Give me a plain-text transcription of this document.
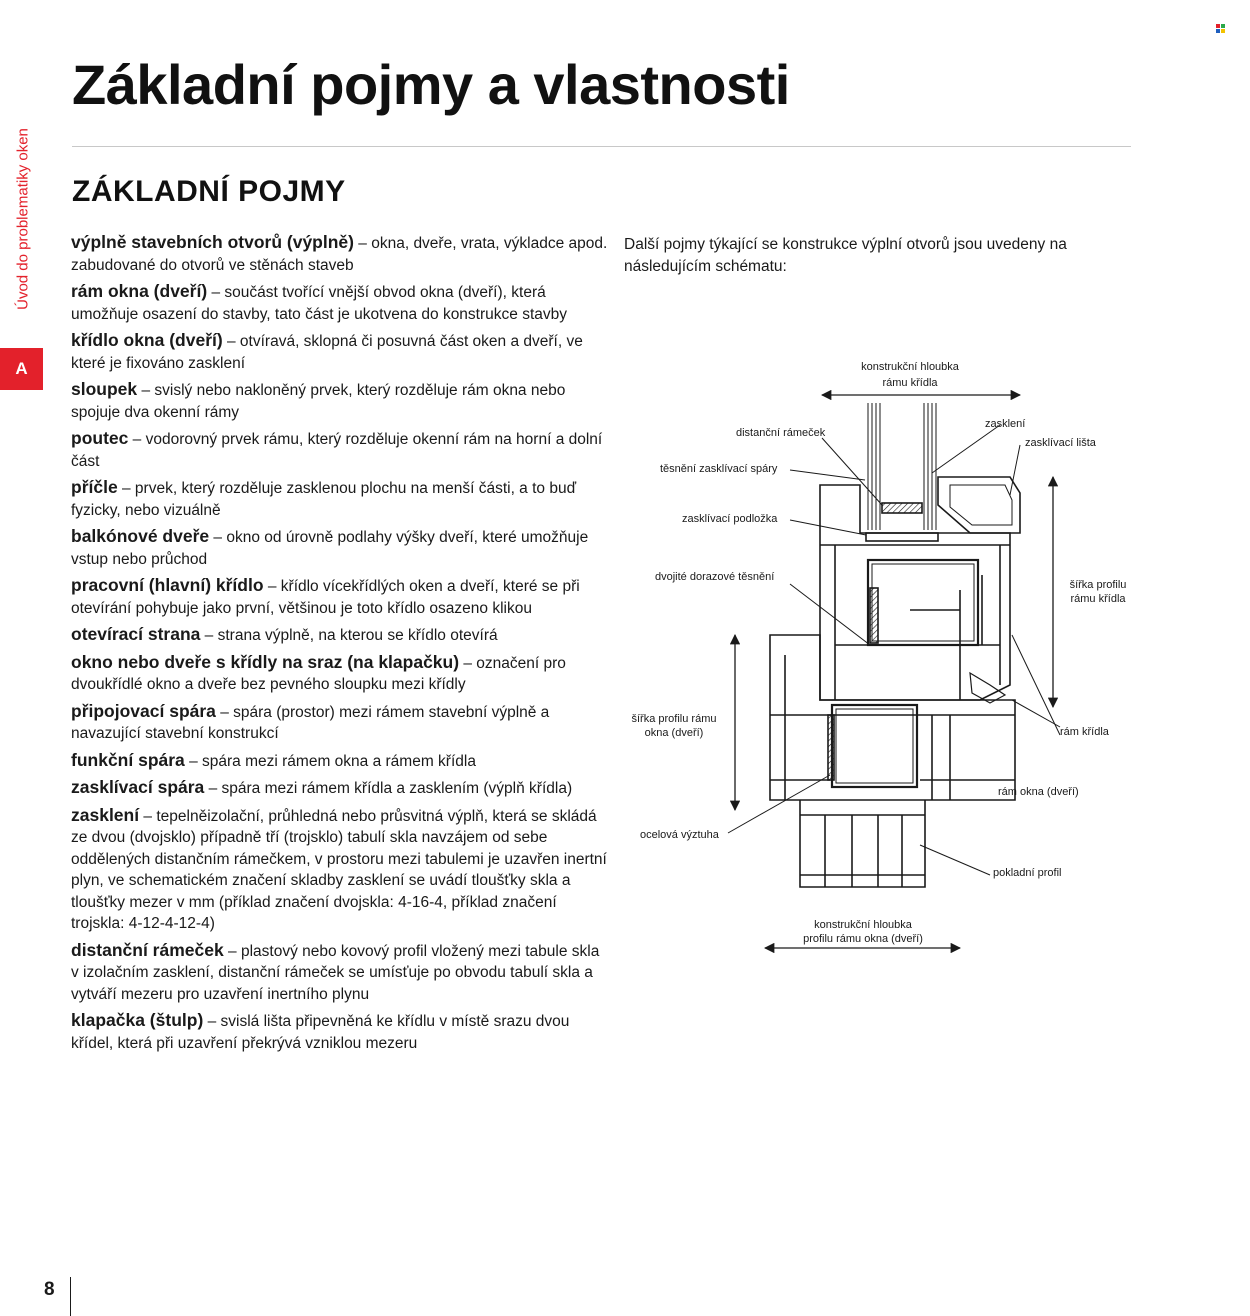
Úvod do problematiky oken
A
Základní pojmy a vlastnosti
ZÁKLADNÍ POJMY

výplně stavebních otvorů (výplně) – okna, dveře, vrata, výkladce apod. zabudované do otvorů ve stěnách staveb

rám okna (dveří) – součást tvořící vnější obvod okna (dveří), která umožňuje osazení do stavby, tato část je ukotvena do konstrukce stavby

křídlo okna (dveří) – otvíravá, sklopná či posuvná část oken a dveří, ve které je fixováno zasklení

sloupek – svislý nebo nakloněný prvek, který rozděluje rám okna nebo spojuje dva okenní rámy

poutec – vodorovný prvek rámu, který rozděluje okenní rám na horní a dolní část

příčle – prvek, který rozděluje zasklenou plochu na menší části, a to buď fyzicky, nebo vizuálně

balkónové dveře – okno od úrovně podlahy výšky dveří, které umožňuje vstup nebo průchod

pracovní (hlavní) křídlo – křídlo vícekřídlých oken a dveří, které se při otevírání pohybuje jako první, většinou je toto křídlo osazeno klikou

otevírací strana – strana výplně, na kterou se křídlo otevírá

okno nebo dveře s křídly na sraz (na klapačku) – označení pro dvoukřídlé okno a dveře bez pevného sloupku mezi křídly

připojovací spára – spára (prostor) mezi rámem stavební výplně a navazující stavební konstrukcí

funkční spára – spára mezi rámem okna a rámem křídla

zasklívací spára – spára mezi rámem křídla a zasklením (výplň křídla)

zasklení – tepelněizolační, průhledná nebo průsvitná výplň, která se skládá ze dvou (dvojsklo) případně tří (trojsklo) tabulí skla navzájem od sebe oddělených distančním rámečkem, v prostoru mezi tabulemi je uzavřen inertní plyn, ve schematickém značení skladby zasklení se uvádí tloušťky skla a tloušťky mezer v mm (příklad značení dvojskla: 4-16-4, příklad značení trojskla: 4-12-4-12-4)

distanční rámeček – plastový nebo kovový profil vložený mezi tabule skla v izolačním zasklení, distanční rámeček se umísťuje po obvodu tabulí skla a vytváří mezeru pro uzavření inertního plynu

klapačka (štulp) – svislá lišta připevněná ke křídlu v místě srazu dvou křídel, která při uzavření překrývá vzniklou mezeru

Další pojmy týkající se konstrukce výplní otvorů jsou uvedeny na následujícím schématu:

konstrukční hloubka
rámu křídla
distanční rámeček
zasklení
zasklívací lišta
těsnění zasklívací spáry
zasklívací podložka
dvojité dorazové těsnění
šířka profilu
rámu křídla
šířka profilu rámu
okna (dveří)	rám křídla
rám okna (dveří)
ocelová výztuha
pokladní profil
konstrukční hloubka
profilu rámu okna (dveří)
8
